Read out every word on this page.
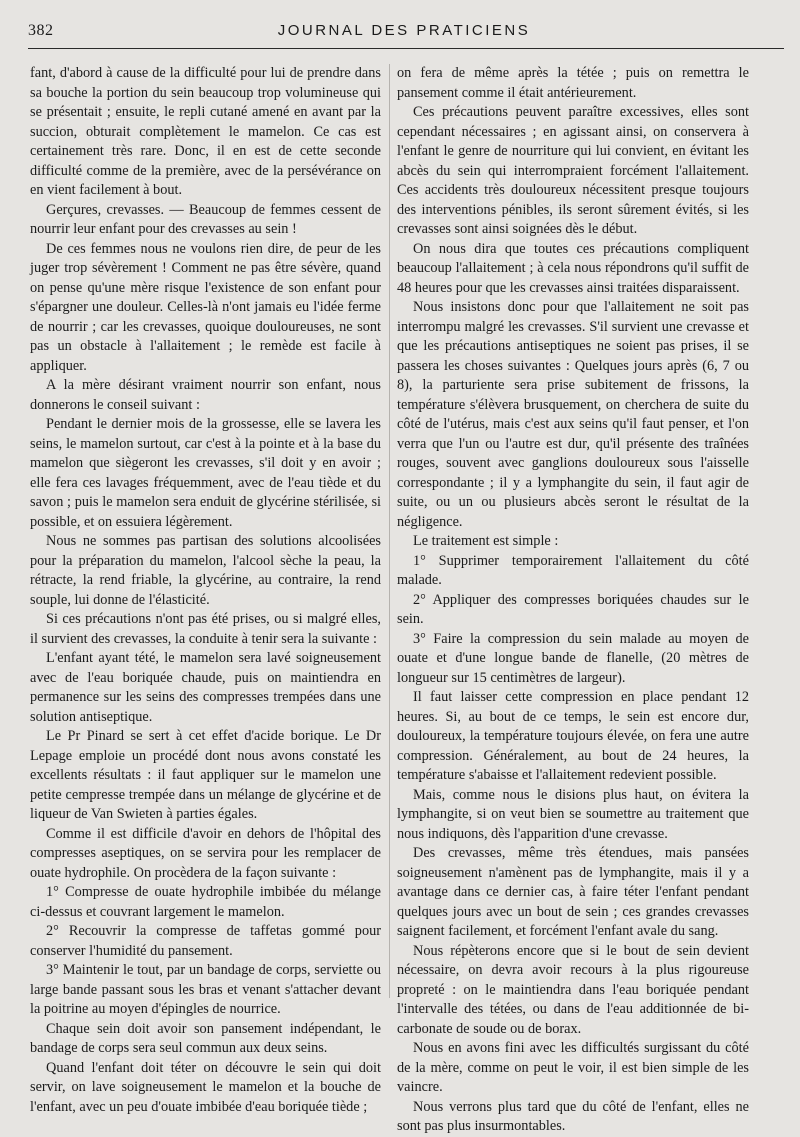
382	JOURNAL DES PRATICIENS

fant, d'abord à cause de la difficulté pour lui de prendre dans sa bouche la portion du sein beaucoup trop volumineuse qui se présentait ; ensuite, le repli cutané amené en avant par la succion, obturait complètement le mamelon. Ce cas est certainement très rare. Donc, il en est de cette seconde difficulté comme de la première, avec de la persévérance on en vient facilement à bout.

Gerçures, crevasses. — Beaucoup de femmes cessent de nourrir leur enfant pour des crevasses au sein !

De ces femmes nous ne voulons rien dire, de peur de les juger trop sévèrement ! Comment ne pas être sévère, quand on pense qu'une mère risque l'existence de son enfant pour s'épargner une douleur. Celles-là n'ont jamais eu l'idée ferme de nourrir ; car les crevasses, quoique douloureuses, ne sont pas un obstacle à l'allaitement ; le remède est facile à appliquer.

A la mère désirant vraiment nourrir son enfant, nous donnerons le conseil suivant :

Pendant le dernier mois de la grossesse, elle se lavera les seins, le mamelon surtout, car c'est à la pointe et à la base du mamelon que siègeront les crevasses, s'il doit y en avoir ; elle fera ces lavages fréquemment, avec de l'eau tiède et du savon ; puis le mamelon sera enduit de glycérine stérilisée, si possible, et on essuiera légèrement.

Nous ne sommes pas partisan des solutions alcoolisées pour la préparation du mamelon, l'alcool sèche la peau, la rétracte, la rend friable, la glycérine, au contraire, la rend souple, lui donne de l'élasticité.

Si ces précautions n'ont pas été prises, ou si malgré elles, il survient des crevasses, la conduite à tenir sera la suivante :

L'enfant ayant tété, le mamelon sera lavé soigneusement avec de l'eau boriquée chaude, puis on maintiendra en permanence sur les seins des compresses trempées dans une solution antiseptique.

Le Pr Pinard se sert à cet effet d'acide borique. Le Dr Lepage emploie un procédé dont nous avons constaté les excellents résultats : il faut appliquer sur le mamelon une petite cempresse trempée dans un mélange de glycérine et de liqueur de Van Swieten à parties égales.

Comme il est difficile d'avoir en dehors de l'hôpital des compresses aseptiques, on se servira pour les remplacer de ouate hydrophile. On procèdera de la façon suivante :

1° Compresse de ouate hydrophile imbibée du mélange ci-dessus et couvrant largement le mamelon.

2° Recouvrir la compresse de taffetas gommé pour conserver l'humidité du pansement.

3° Maintenir le tout, par un bandage de corps, serviette ou large bande passant sous les bras et venant s'attacher devant la poitrine au moyen d'épingles de nourrice.

Chaque sein doit avoir son pansement indépendant, le bandage de corps sera seul commun aux deux seins.

Quand l'enfant doit téter on découvre le sein qui doit servir, on lave soigneusement le mamelon et la bouche de l'enfant, avec un peu d'ouate imbibée d'eau boriquée tiède ;

on fera de même après la tétée ; puis on remettra le pansement comme il était antérieurement.

Ces précautions peuvent paraître excessives, elles sont cependant nécessaires ; en agissant ainsi, on conservera à l'enfant le genre de nourriture qui lui convient, en évitant les abcès du sein qui interrompraient forcément l'allaitement. Ces accidents très douloureux nécessitent presque toujours des interventions pénibles, ils seront sûrement évités, si les crevasses sont ainsi soignées dès le début.

On nous dira que toutes ces précautions compliquent beaucoup l'allaitement ; à cela nous répondrons qu'il suffit de 48 heures pour que les crevasses ainsi traitées disparaissent.

Nous insistons donc pour que l'allaitement ne soit pas interrompu malgré les crevasses. S'il survient une crevasse et que les précautions antiseptiques ne soient pas prises, il se passera les choses suivantes : Quelques jours après (6, 7 ou 8), la parturiente sera prise subitement de frissons, la température s'élèvera brusquement, on cherchera de suite du côté de l'utérus, mais c'est aux seins qu'il faut penser, et l'on verra que l'un ou l'autre est dur, qu'il présente des traînées rouges, souvent avec ganglions douloureux sous l'aisselle correspondante ; il y a lymphangite du sein, il faut agir de suite, ou un ou plusieurs abcès seront le résultat de la négligence.

Le traitement est simple :

1° Supprimer temporairement l'allaitement du côté malade.

2° Appliquer des compresses boriquées chaudes sur le sein.

3° Faire la compression du sein malade au moyen de ouate et d'une longue bande de flanelle, (20 mètres de longueur sur 15 centimètres de largeur).

Il faut laisser cette compression en place pendant 12 heures. Si, au bout de ce temps, le sein est encore dur, douloureux, la température toujours élevée, on fera une autre compression. Généralement, au bout de 24 heures, la température s'abaisse et l'allaitement redevient possible.

Mais, comme nous le disions plus haut, on évitera la lymphangite, si on veut bien se soumettre au traitement que nous indiquons, dès l'apparition d'une crevasse.

Des crevasses, même très étendues, mais pansées soigneusement n'amènent pas de lymphangite, mais il y a avantage dans ce dernier cas, à faire téter l'enfant pendant quelques jours avec un bout de sein ; ces grandes crevasses saignent facilement, et forcément l'enfant avale du sang.

Nous répèterons encore que si le bout de sein devient nécessaire, on devra avoir recours à la plus rigoureuse propreté : on le maintiendra dans l'eau boriquée pendant l'intervalle des tétées, ou dans de l'eau additionnée de bi-carbonate de soude ou de borax.

Nous en avons fini avec les difficultés surgissant du côté de la mère, comme on peut le voir, il est bien simple de les vaincre.

Nous verrons plus tard que du côté de l'enfant, elles ne sont pas plus insurmontables.
